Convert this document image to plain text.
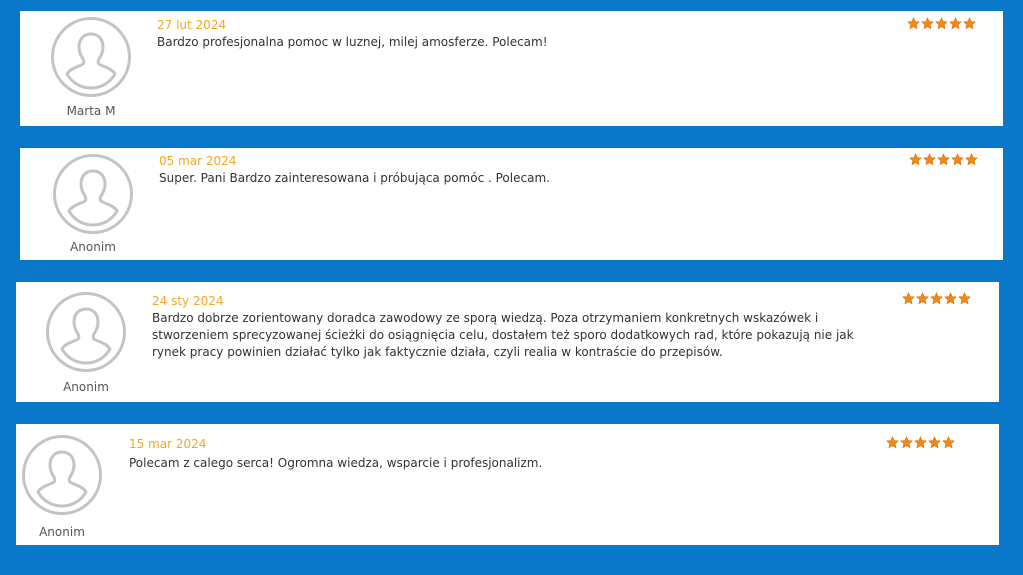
Marta M
27 lut 2024
Bardzo profesjonalna pomoc w luznej, milej amosferze. Polecam!
Anonim
05 mar 2024
Super. Pani Bardzo zainteresowana i próbująca pomóc . Polecam.
Anonim
24 sty 2024
Bardzo dobrze zorientowany doradca zawodowy ze sporą wiedzą. Poza otrzymaniem konkretnych wskazówek i stworzeniem sprecyzowanej ścieżki do osiągnięcia celu, dostałem też sporo dodatkowych rad, które pokazują nie jak rynek pracy powinien działać tylko jak faktycznie działa, czyli realia w kontraście do przepisów.
Anonim
15 mar 2024
Polecam z calego serca! Ogromna wiedza, wsparcie i profesjonalizm.
